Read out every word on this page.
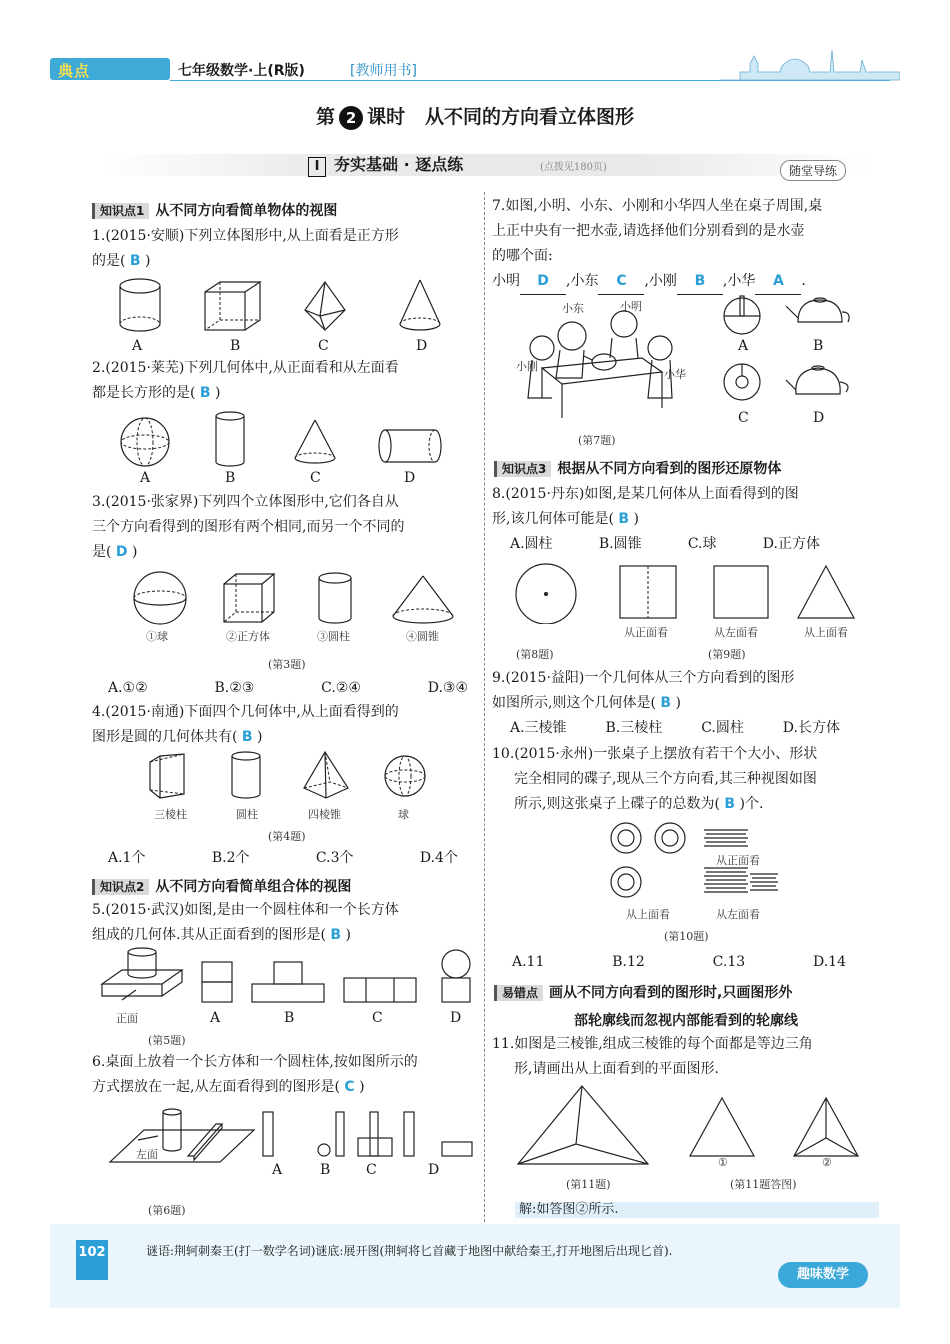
典点	七年级数学·上(R版)	[教师用书]
第 2 课时 从不同的方向看立体图形
I 夯实基础 · 逐点练	(点拨见180页)	随堂导练
知识点1 从不同方向看简单物体的视图
1.(2015·安顺)下列立体图形中,从上面看是正方形
的是( B )
A	B	C	D
2.(2015·莱芜)下列几何体中,从正面看和从左面看
都是长方形的是( B )
A	B	C	D
3.(2015·张家界)下列四个立体图形中,它们各自从
三个方向看得到的图形有两个相同,而另一个不同的
是( D )
①球	②正方体	③圆柱	④圆锥
(第3题)
A.①②	B.②③	C.②④	D.③④
4.(2015·南通)下面四个几何体中,从上面看得到的
图形是圆的几何体共有( B )
三棱柱	圆柱	四棱锥	球
(第4题)
A.1个	B.2个	C.3个	D.4个
知识点2 从不同方向看简单组合体的视图
5.(2015·武汉)如图,是由一个圆柱体和一个长方体
组成的几何体.其从正面看到的图形是( B )
正面	A	B	C	D
(第5题)
6.桌面上放着一个长方体和一个圆柱体,按如图所示的
方式摆放在一起,从左面看得到的图形是( C )
左面
A	B	C	D
(第6题)
7.如图,小明、小东、小刚和小华四人坐在桌子周围,桌
上正中央有一把水壶,请选择他们分别看到的是水壶
的哪个面:
小明 D ,小东 C ,小刚 B ,小华 A .
小东	小明
小刚
小华
A	B
C	D
(第7题)
知识点3 根据从不同方向看到的图形还原物体
8.(2015·丹东)如图,是某几何体从上面看得到的图
形,该几何体可能是( B )
A.圆柱	B.圆锥	C.球	D.正方体
(第8题)
从正面看	从左面看	从上面看
(第9题)
9.(2015·益阳)一个几何体从三个方向看到的图形
如图所示,则这个几何体是( B )
A.三棱锥	B.三棱柱	C.圆柱	D.长方体
10.(2015·永州)一张桌子上摆放有若干个大小、形状
完全相同的碟子,现从三个方向看,其三种视图如图
所示,则这张桌子上碟子的总数为( B )个.
从正面看
从上面看	从左面看
(第10题)
A.11	B.12	C.13	D.14
易错点 画从不同方向看到的图形时,只画图形外
部轮廓线而忽视内部能看到的轮廓线
11.如图是三棱锥,组成三棱锥的每个面都是等边三角
形,请画出从上面看到的平面图形.
(第11题)
①	②
(第11题答图)
解:如答图②所示.
102	谜语:荆轲刺秦王(打一数学名词)谜底:展开图(荆轲将匕首藏于地图中献给秦王,打开地图后出现匕首).
趣味数学
